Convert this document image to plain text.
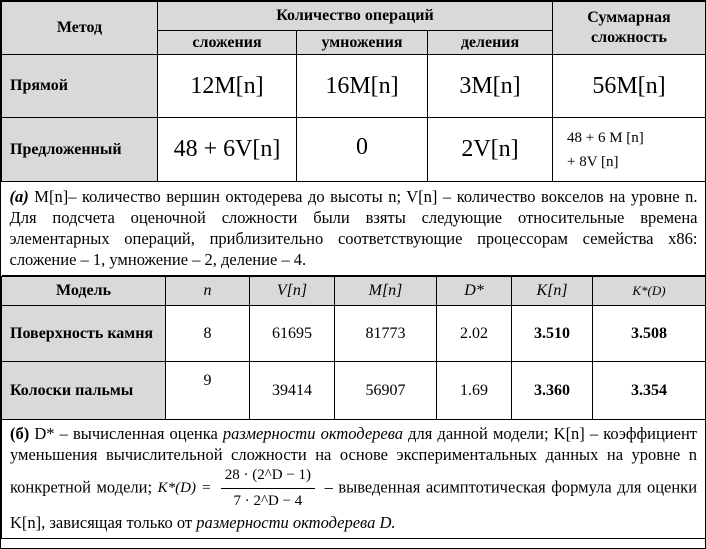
Метод	Количество операций			Суммарная сложность
	сложения	умножения	деления	
Прямой	12M[n]	16M[n]	3M[n]	56M[n]
Предложенный	48 + 6V[n]	0	2V[n]	48 + 6 M [n]
+ 8V [n]

(а) M[n]– количество вершин октодерева до высоты n; V[n] – количество вокселов на уровне n. Для подсчета оценочной сложности были взяты следующие относительные времена элементарных операций, приблизительно соответствующие процессорам семейства x86: сложение – 1, умножение – 2, деление – 4.				
Модель	n	V[n]	M[n]	D*	K[n]	K*(D)
Поверхность камня	8	61695	81773	2.02	3.510	3.508
Колоски пальмы	9	39414	56907	1.69	3.360	3.354
(б) D* – вычисленная оценка размерности октодерева для данной модели; K[n] – коэффициент уменьшения вычислительной сложности на основе экспериментальных данных на уровне n конкретной модели; $K*(D) = \frac{28 \cdot (2\^{}D - 1)}{7 \cdot 2\^{}D - 4}$ – выведенная асимптотическая формула для оценки K[n], зависящая только от размерности октодерева D.						
